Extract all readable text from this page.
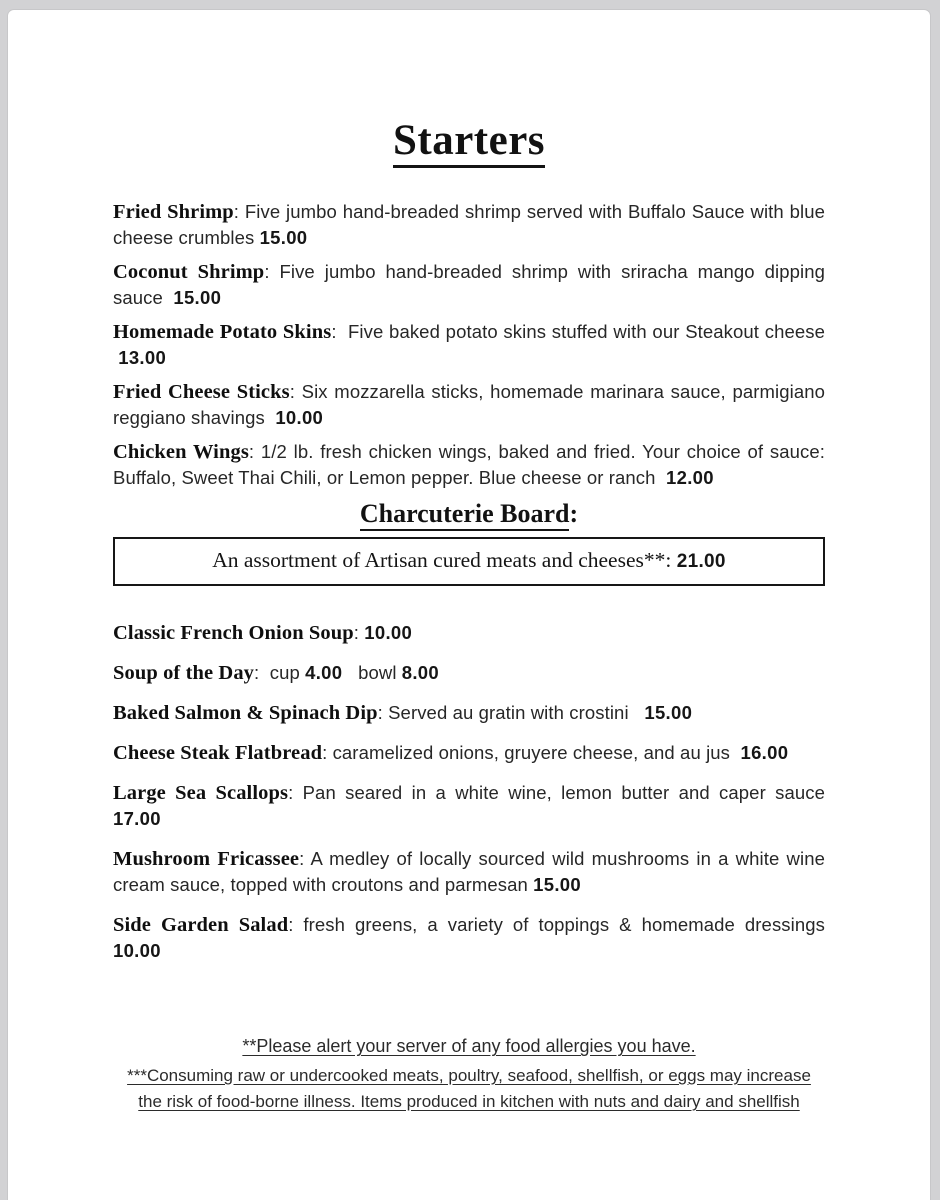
Starters

Fried Shrimp: Five jumbo hand-breaded shrimp served with Buffalo Sauce with blue cheese crumbles 15.00

Coconut Shrimp: Five jumbo hand-breaded shrimp with sriracha mango dipping sauce  15.00

Homemade Potato Skins:  Five baked potato skins stuffed with our Steakout cheese  13.00

Fried Cheese Sticks: Six mozzarella sticks, homemade marinara sauce, parmigiano reggiano shavings  10.00

Chicken Wings: 1/2 lb. fresh chicken wings, baked and fried. Your choice of sauce: Buffalo, Sweet Thai Chili, or Lemon pepper. Blue cheese or ranch  12.00

Charcuterie Board:
An assortment of Artisan cured meats and cheeses**: 21.00

Classic French Onion Soup: 10.00

Soup of the Day:  cup 4.00   bowl 8.00

Baked Salmon & Spinach Dip: Served au gratin with crostini   15.00

Cheese Steak Flatbread: caramelized onions, gruyere cheese, and au jus  16.00

Large Sea Scallops: Pan seared in a white wine, lemon butter and caper sauce 17.00

Mushroom Fricassee: A medley of locally sourced wild mushrooms in a white wine cream sauce, topped with croutons and parmesan 15.00

Side Garden Salad: fresh greens, a variety of toppings & homemade dressings 10.00

**Please alert your server of any food allergies you have.

***Consuming raw or undercooked meats, poultry, seafood, shellfish, or eggs may increase the risk of food-borne illness. Items produced in kitchen with nuts and dairy and shellfish
